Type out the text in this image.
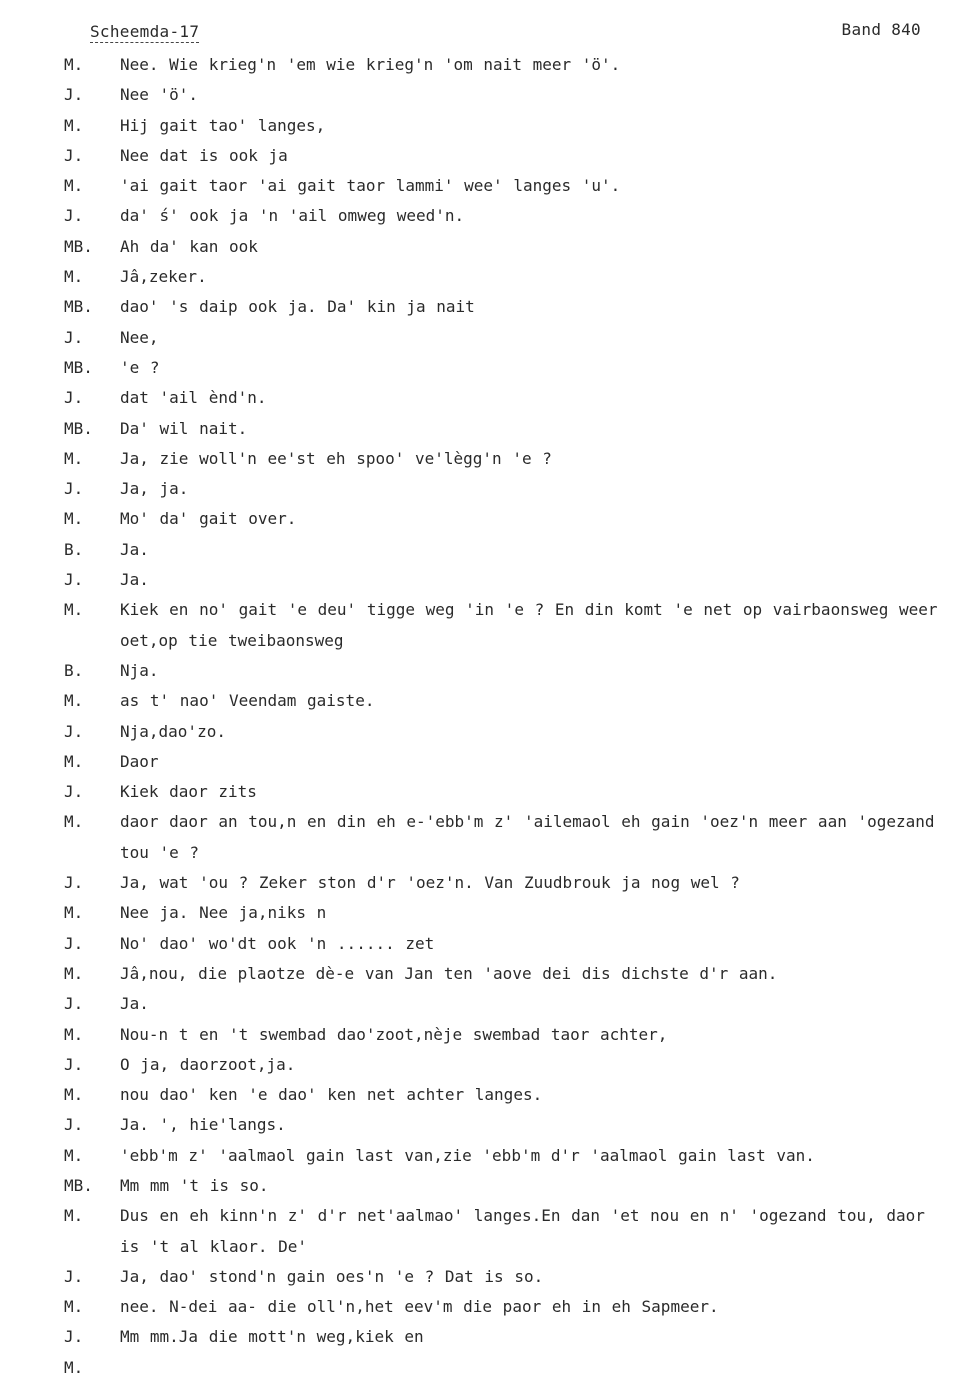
Scheemda-17	Band 840
M.	Nee. Wie krieg'n 'em wie krieg'n 'om nait meer 'ö'.
J.	Nee 'ö'.
M.	Hij gait tao' langes,
J.	Nee dat is ook ja
M.	'ai gait taor 'ai gait taor lammi' wee' langes 'u'.
J.	da' ś' ook ja 'n 'ail omweg weed'n.
MB.	Ah da' kan ook
M.	Jâ,zeker.
MB.	dao' 's daip ook ja. Da' kin ja nait
J.	Nee,
MB.	'e ?
J.	dat 'ail ènd'n.
MB.	Da' wil nait.
M.	Ja, zie woll'n ee'st eh spoo' ve'lègg'n 'e ?
J.	Ja, ja.
M.	Mo' da' gait over.
B.	Ja.
J.	Ja.
M.	Kiek en no' gait 'e deu' tigge weg 'in 'e ? En din komt 'e net op vairbaonsweg weer oet,op tie tweibaonsweg
B.	Nja.
M.	as t' nao' Veendam gaiste.
J.	Nja,dao'zo.
M.	Daor
J.	Kiek daor zits
M.	daor daor an tou,n en din eh e-'ebb'm z' 'ailemaol eh gain 'oez'n meer aan 'ogezand tou 'e ?
J.	Ja, wat 'ou ? Zeker ston d'r 'oez'n. Van Zuudbrouk ja nog wel ?
M.	Nee ja. Nee ja,niks n
J.	No' dao' wo'dt ook 'n ...... zet
M.	Jâ,nou, die plaotze dè-e van Jan ten 'aove dei dis dichste d'r aan.
J.	Ja.
M.	Nou-n t en 't swembad dao'zoot,nèje swembad taor achter,
J.	O ja, daorzoot,ja.
M.	nou dao' ken 'e dao' ken net achter langes.
J.	Ja. ', hie'langs.
M.	'ebb'm z' 'aalmaol gain last van,zie 'ebb'm d'r 'aalmaol gain last van.
MB.	Mm mm 't is so.
M.	Dus en eh kinn'n z' d'r net'aalmao' langes.En dan 'et nou en n' 'ogezand tou, daor is 't al klaor. De'
J.	Ja, dao' stond'n gain oes'n 'e ? Dat is so.
M.	nee. N-dei aa- die oll'n,het eev'm die paor eh in eh Sapmeer.
J.	Mm mm.Ja die mott'n weg,kiek en
M.
